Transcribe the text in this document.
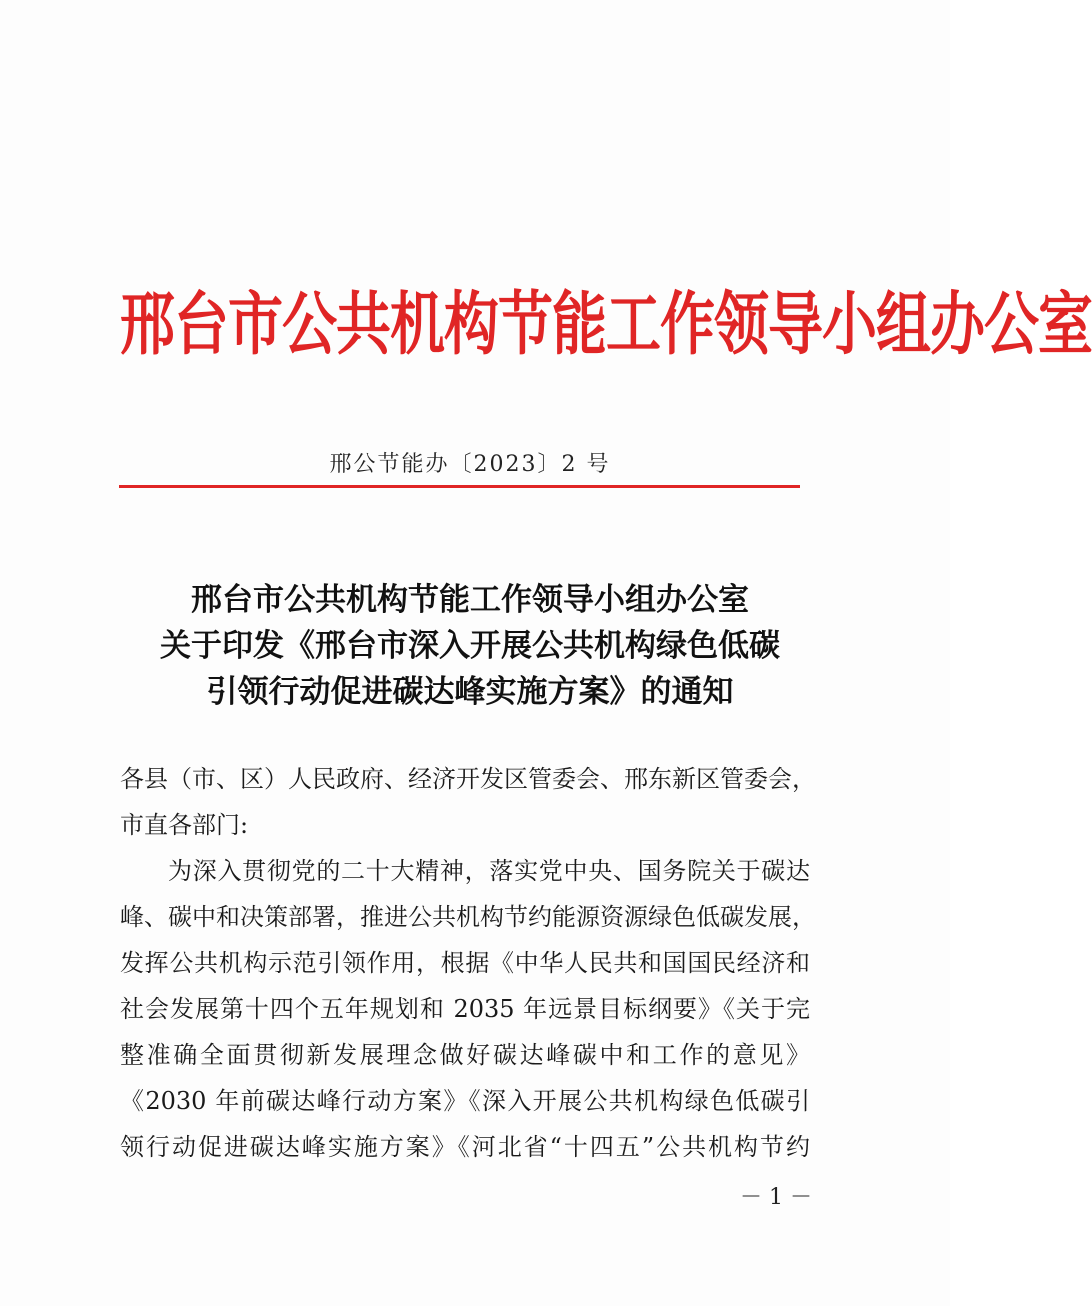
邢台市公共机构节能工作领导小组办公室
邢公节能办〔2023〕2 号
邢台市公共机构节能工作领导小组办公室
关于印发《邢台市深入开展公共机构绿色低碳
引领行动促进碳达峰实施方案》的通知
各县（市、区）人民政府、经济开发区管委会、邢东新区管委会，
市直各部门:
为深入贯彻党的二十大精神，落实党中央、国务院关于碳达
峰、碳中和决策部署，推进公共机构节约能源资源绿色低碳发展，
发挥公共机构示范引领作用，根据《中华人民共和国国民经济和
社会发展第十四个五年规划和 2035 年远景目标纲要》《关于完
整准确全面贯彻新发展理念做好碳达峰碳中和工作的意见》
《2030 年前碳达峰行动方案》《深入开展公共机构绿色低碳引
领行动促进碳达峰实施方案》《河北省“十四五”公共机构节约
－ 1 －
